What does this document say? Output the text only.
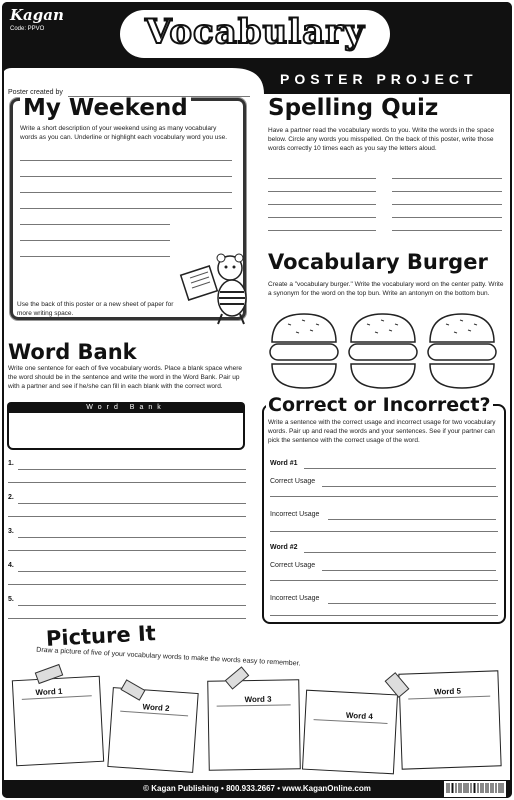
Kagan
Code: PPVO	Vocabulary
POSTER PROJECT
Poster created by
My Weekend
Write a short description of your weekend using as many vocabulary words as you can. Underline or highlight each vocabulary word you use.
Use the back of this poster or a new sheet of paper for more writing space.
Spelling Quiz
Have a partner read the vocabulary words to you. Write the words in the space below. Circle any words you misspelled. On the back of this poster, write those words correctly 10 times each as you say the letters aloud.
Vocabulary Burger
Create a "vocabulary burger." Write the vocabulary word on the center patty. Write a synonym for the word on the top bun. Write an antonym on the bottom bun.
Word Bank
Write one sentence for each of five vocabulary words. Place a blank space where the word should be in the sentence and write the word in the Word Bank. Pair up with a partner and see if he/she can fill in each blank with the correct word.
Word Bank
1.
2.
3.
4.
5.
Correct or Incorrect?
Write a sentence with the correct usage and incorrect usage for two vocabulary words. Pair up and read the words and your sentences. See if your partner can pick the sentence with the correct usage of the word.
Word #1
Correct Usage
Incorrect Usage
Word #2
Correct Usage
Incorrect Usage
Picture It
Draw a picture of five of your vocabulary words to make the words easy to remember.
Word 1
Word 2
Word 3
Word 4
Word 5
© Kagan Publishing • 800.933.2667 • www.KaganOnline.com
